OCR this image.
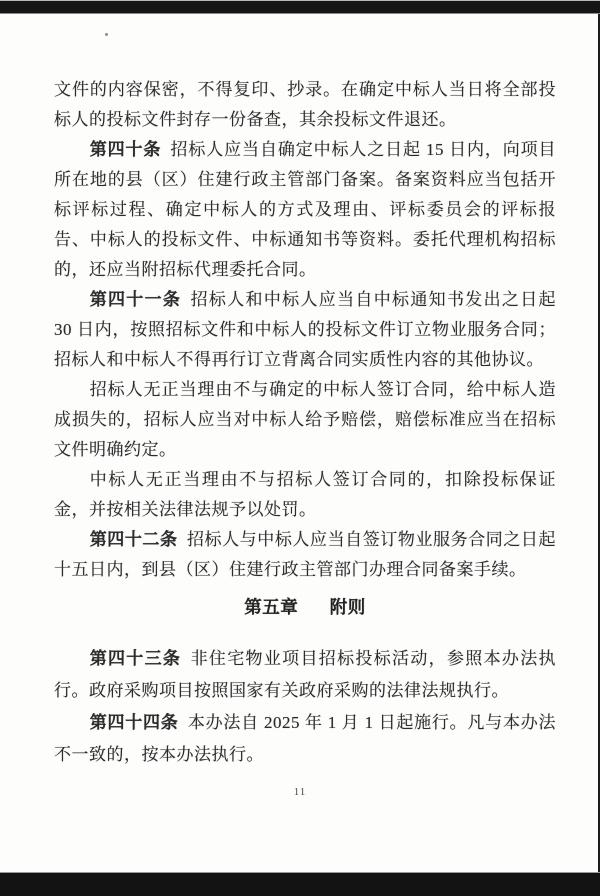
文件的内容保密，不得复印、抄录。在确定中标人当日将全部投标人的投标文件封存一份备查，其余投标文件退还。

第四十条 招标人应当自确定中标人之日起 15 日内，向项目所在地的县（区）住建行政主管部门备案。备案资料应当包括开标评标过程、确定中标人的方式及理由、评标委员会的评标报告、中标人的投标文件、中标通知书等资料。委托代理机构招标的，还应当附招标代理委托合同。

第四十一条 招标人和中标人应当自中标通知书发出之日起 30 日内，按照招标文件和中标人的投标文件订立物业服务合同；招标人和中标人不得再行订立背离合同实质性内容的其他协议。

招标人无正当理由不与确定的中标人签订合同，给中标人造成损失的，招标人应当对中标人给予赔偿，赔偿标准应当在招标文件明确约定。

中标人无正当理由不与招标人签订合同的，扣除投标保证金，并按相关法律法规予以处罚。

第四十二条 招标人与中标人应当自签订物业服务合同之日起十五日内，到县（区）住建行政主管部门办理合同备案手续。

第五章 附则

第四十三条 非住宅物业项目招标投标活动，参照本办法执行。政府采购项目按照国家有关政府采购的法律法规执行。

第四十四条 本办法自 2025 年 1 月 1 日起施行。凡与本办法不一致的，按本办法执行。

11
